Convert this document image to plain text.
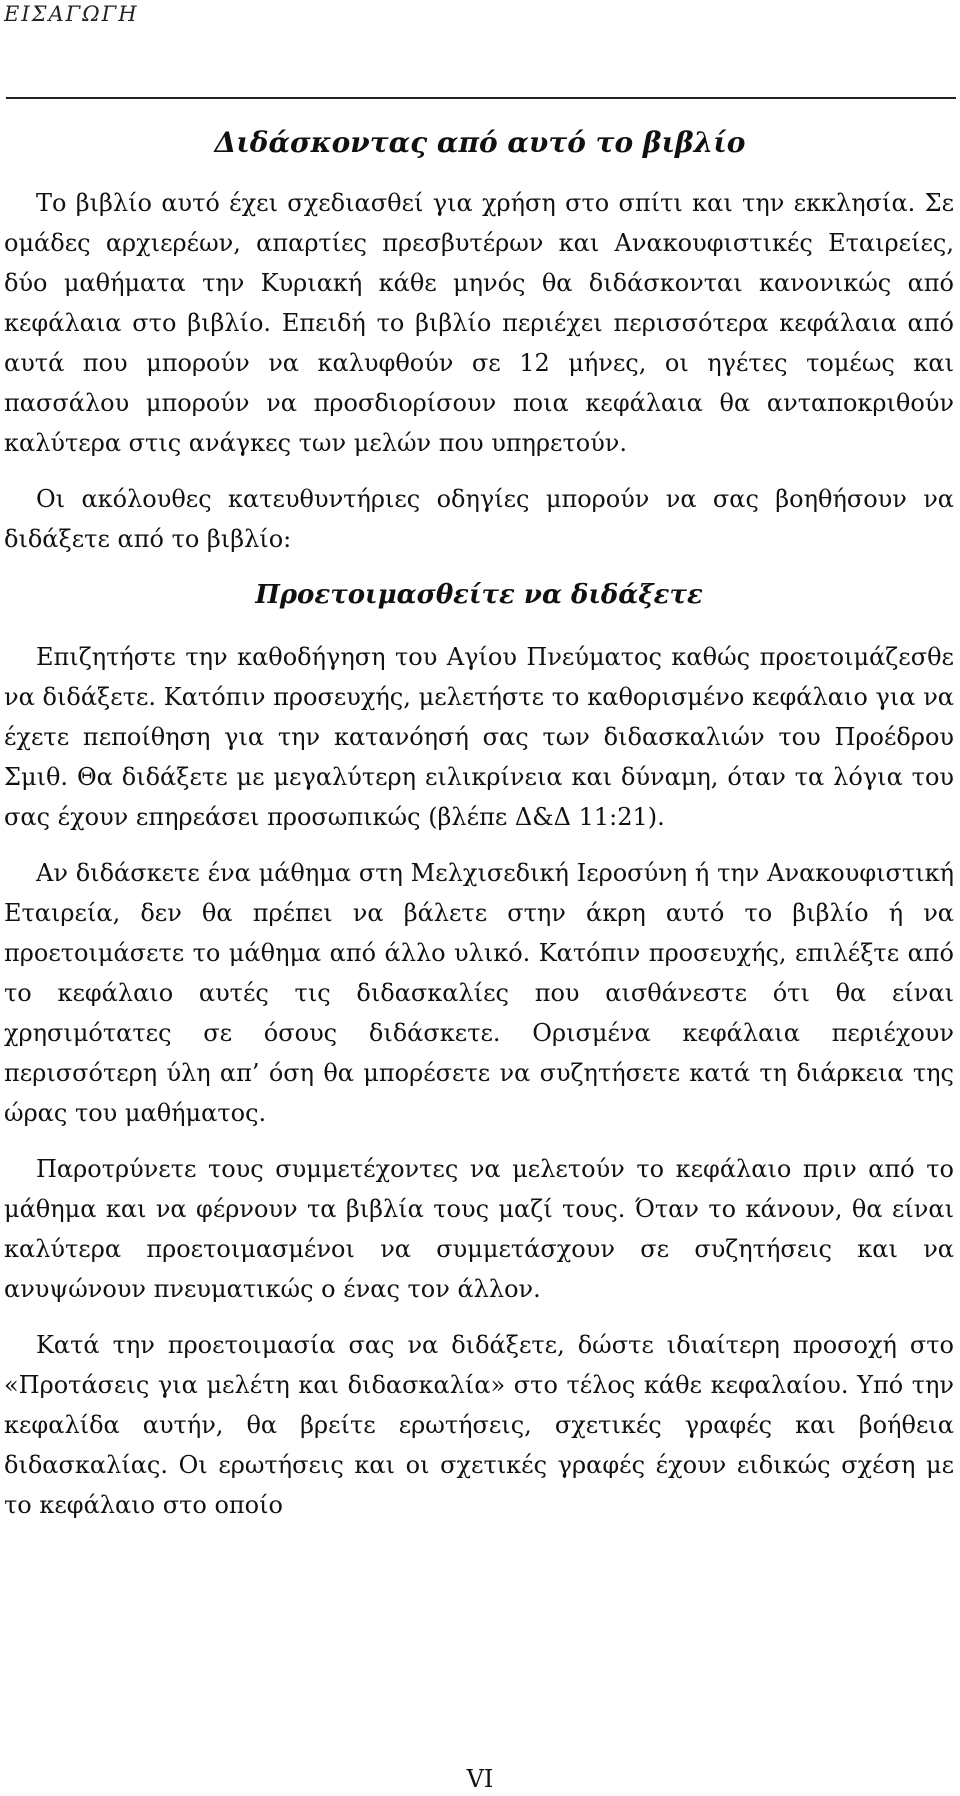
ΕΙΣΑΓΩΓΗ
Διδάσκοντας από αυτό το βιβλίο

Το βιβλίο αυτό έχει σχεδιασθεί για χρήση στο σπίτι και την εκκλησία. Σε ομάδες αρχιερέων, απαρτίες πρεσβυτέρων και Ανακουφιστικές Εταιρείες, δύο μαθήματα την Κυριακή κάθε μηνός θα διδάσκονται κανονικώς από κεφάλαια στο βιβλίο. Επειδή το βιβλίο περιέχει περισσότερα κεφάλαια από αυτά που μπορούν να καλυφθούν σε 12 μήνες, οι ηγέτες τομέως και πασσάλου μπορούν να προσδιορίσουν ποια κεφάλαια θα ανταποκριθούν καλύτερα στις ανάγκες των μελών που υπηρετούν.

Οι ακόλουθες κατευθυντήριες οδηγίες μπορούν να σας βοηθήσουν να διδάξετε από το βιβλίο:

Προετοιμασθείτε να διδάξετε

Επιζητήστε την καθοδήγηση του Αγίου Πνεύματος καθώς προετοιμάζεσθε να διδάξετε. Κατόπιν προσευχής, μελετήστε το καθορισμένο κεφάλαιο για να έχετε πεποίθηση για την κατανόησή σας των διδασκαλιών του Προέδρου Σμιθ. Θα διδάξετε με μεγαλύτερη ειλικρίνεια και δύναμη, όταν τα λόγια του σας έχουν επηρεάσει προσωπικώς (βλέπε Δ&Δ 11:21).

Αν διδάσκετε ένα μάθημα στη Μελχισεδική Ιεροσύνη ή την Ανακουφιστική Εταιρεία, δεν θα πρέπει να βάλετε στην άκρη αυτό το βιβλίο ή να προετοιμάσετε το μάθημα από άλλο υλικό. Κατόπιν προσευχής, επιλέξτε από το κεφάλαιο αυτές τις διδασκαλίες που αισθάνεστε ότι θα είναι χρησιμότατες σε όσους διδάσκετε. Ορισμένα κεφάλαια περιέχουν περισσότερη ύλη απ’ όση θα μπορέσετε να συζητήσετε κατά τη διάρκεια της ώρας του μαθήματος.

Παροτρύνετε τους συμμετέχοντες να μελετούν το κεφάλαιο πριν από το μάθημα και να φέρνουν τα βιβλία τους μαζί τους. Όταν το κάνουν, θα είναι καλύτερα προετοιμασμένοι να συμμετάσχουν σε συζητήσεις και να ανυψώνουν πνευματικώς ο ένας τον άλλον.

Κατά την προετοιμασία σας να διδάξετε, δώστε ιδιαίτερη προσοχή στο «Προτάσεις για μελέτη και διδασκαλία» στο τέλος κάθε κεφαλαίου. Υπό την κεφαλίδα αυτήν, θα βρείτε ερωτήσεις, σχετικές γραφές και βοήθεια διδασκαλίας. Οι ερωτήσεις και οι σχετικές γραφές έχουν ειδικώς σχέση με το κεφάλαιο στο οποίο

VI
